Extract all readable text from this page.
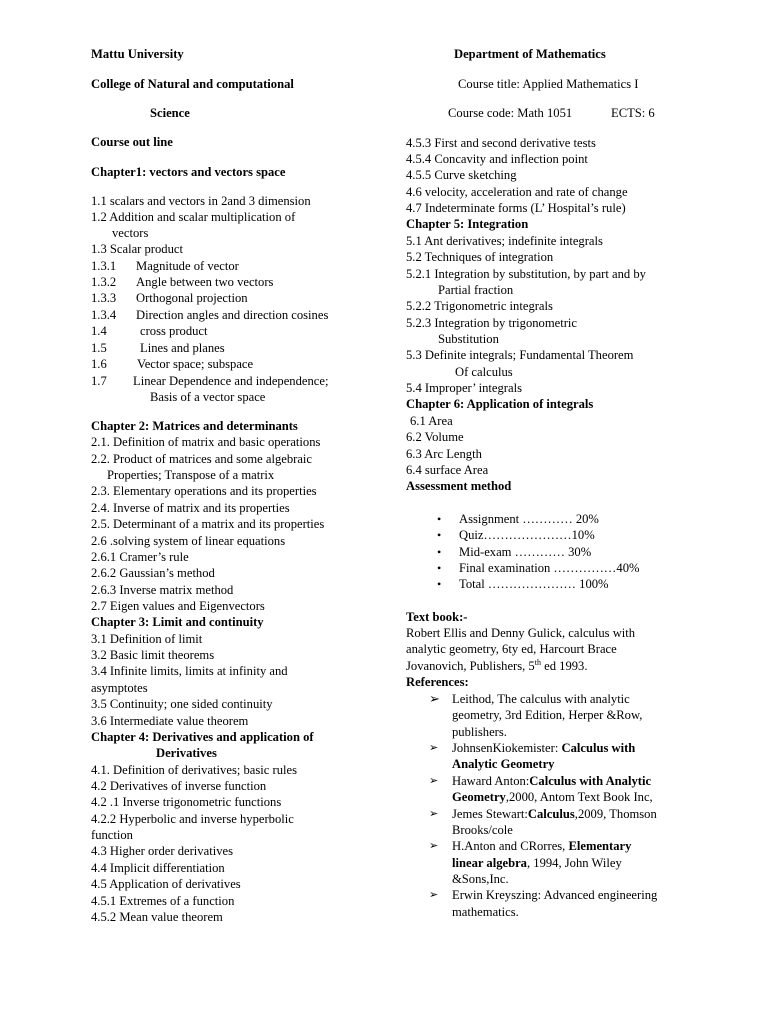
Mattu University	Department of Mathematics
College of Natural and computational	Course title: Applied Mathematics I
Science	Course code: Math 1051	ECTS: 6
Course out line
Chapter1: vectors and vectors space
1.1 scalars and vectors in 2and 3 dimension
1.2 Addition and scalar multiplication of
vectors
1.3 Scalar product
1.3.1 Magnitude of vector
1.3.2 Angle between two vectors
1.3.3 Orthogonal projection
1.3.4 Direction angles and direction cosines
1.4	cross product
1.5	Lines and planes
1.6 Vector space; subspace
1.7 Linear Dependence and independence;
Basis of a vector space
Chapter 2: Matrices and determinants
2.1. Definition of matrix and basic operations
2.2. Product of matrices and some algebraic
Properties; Transpose of a matrix
2.3. Elementary operations and its properties
2.4. Inverse of matrix and its properties
2.5. Determinant of a matrix and its properties
2.6 .solving system of linear equations
2.6.1 Cramer’s rule
2.6.2 Gaussian’s method
2.6.3 Inverse matrix method
2.7 Eigen values and Eigenvectors
Chapter 3: Limit and continuity
3.1 Definition of limit
3.2 Basic limit theorems
3.4 Infinite limits, limits at infinity and
asymptotes
3.5 Continuity; one sided continuity
3.6 Intermediate value theorem
Chapter 4: Derivatives and application of
Derivatives
4.1. Definition of derivatives; basic rules
4.2 Derivatives of inverse function
4.2 .1 Inverse trigonometric functions
4.2.2 Hyperbolic and inverse hyperbolic
function
4.3 Higher order derivatives
4.4 Implicit differentiation
4.5 Application of derivatives
4.5.1 Extremes of a function
4.5.2 Mean value theorem
4.5.3 First and second derivative tests
4.5.4 Concavity and inflection point
4.5.5 Curve sketching
4.6 velocity, acceleration and rate of change
4.7 Indeterminate forms (L’ Hospital’s rule)
Chapter 5: Integration
5.1 Ant derivatives; indefinite integrals
5.2 Techniques of integration
5.2.1 Integration by substitution, by part and by
Partial fraction
5.2.2 Trigonometric integrals
5.2.3 Integration by trigonometric
Substitution
5.3 Definite integrals; Fundamental Theorem
Of calculus
5.4 Improper’ integrals
Chapter 6: Application of integrals
6.1 Area
6.2 Volume
6.3 Arc Length
6.4 surface Area
Assessment method
• Assignment ………… 20%
• Quiz…………………10%
• Mid-exam ………… 30%
• Final examination ……………40%
• Total ………………… 100%
Text book:-
Robert Ellis and Denny Gulick, calculus with
analytic geometry, 6ty ed, Harcourt Brace
Jovanovich, Publishers, 5th ed 1993.
References:
➢ Leithod, The calculus with analytic
geometry, 3rd Edition, Herper &Row,
publishers.
➢ JohnsenKiokemister: Calculus with
Analytic Geometry
➢ Haward Anton:Calculus with Analytic
Geometry,2000, Antom Text Book Inc,
➢ Jemes Stewart:Calculus,2009, Thomson
Brooks/cole
➢ H.Anton and CRorres, Elementary
linear algebra, 1994, John Wiley
&Sons,Inc.
➢ Erwin Kreyszing: Advanced engineering
mathematics.
